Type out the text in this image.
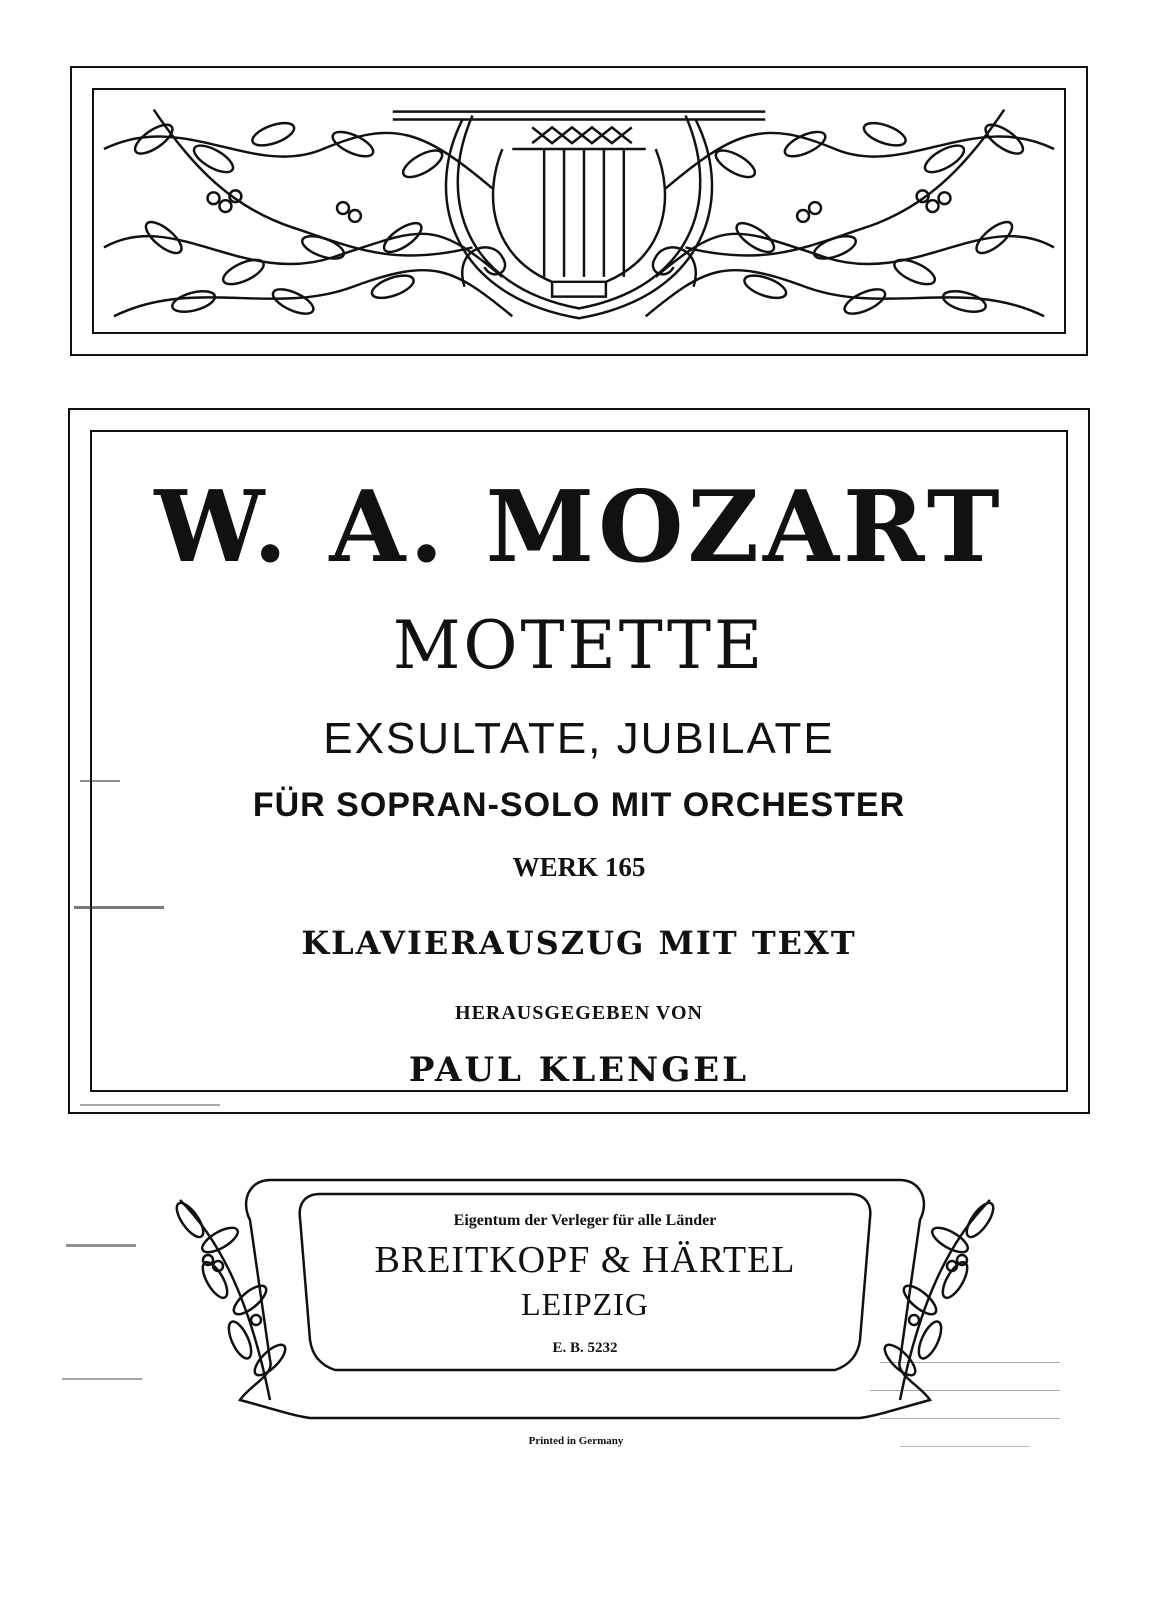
W. A. MOZART
MOTETTE
EXSULTATE, JUBILATE
FÜR SOPRAN-SOLO MIT ORCHESTER
WERK 165
KLAVIERAUSZUG MIT TEXT
HERAUSGEGEBEN VON
PAUL KLENGEL
Eigentum der Verleger für alle Länder
BREITKOPF & HÄRTEL
LEIPZIG
E. B. 5232
Printed in Germany
